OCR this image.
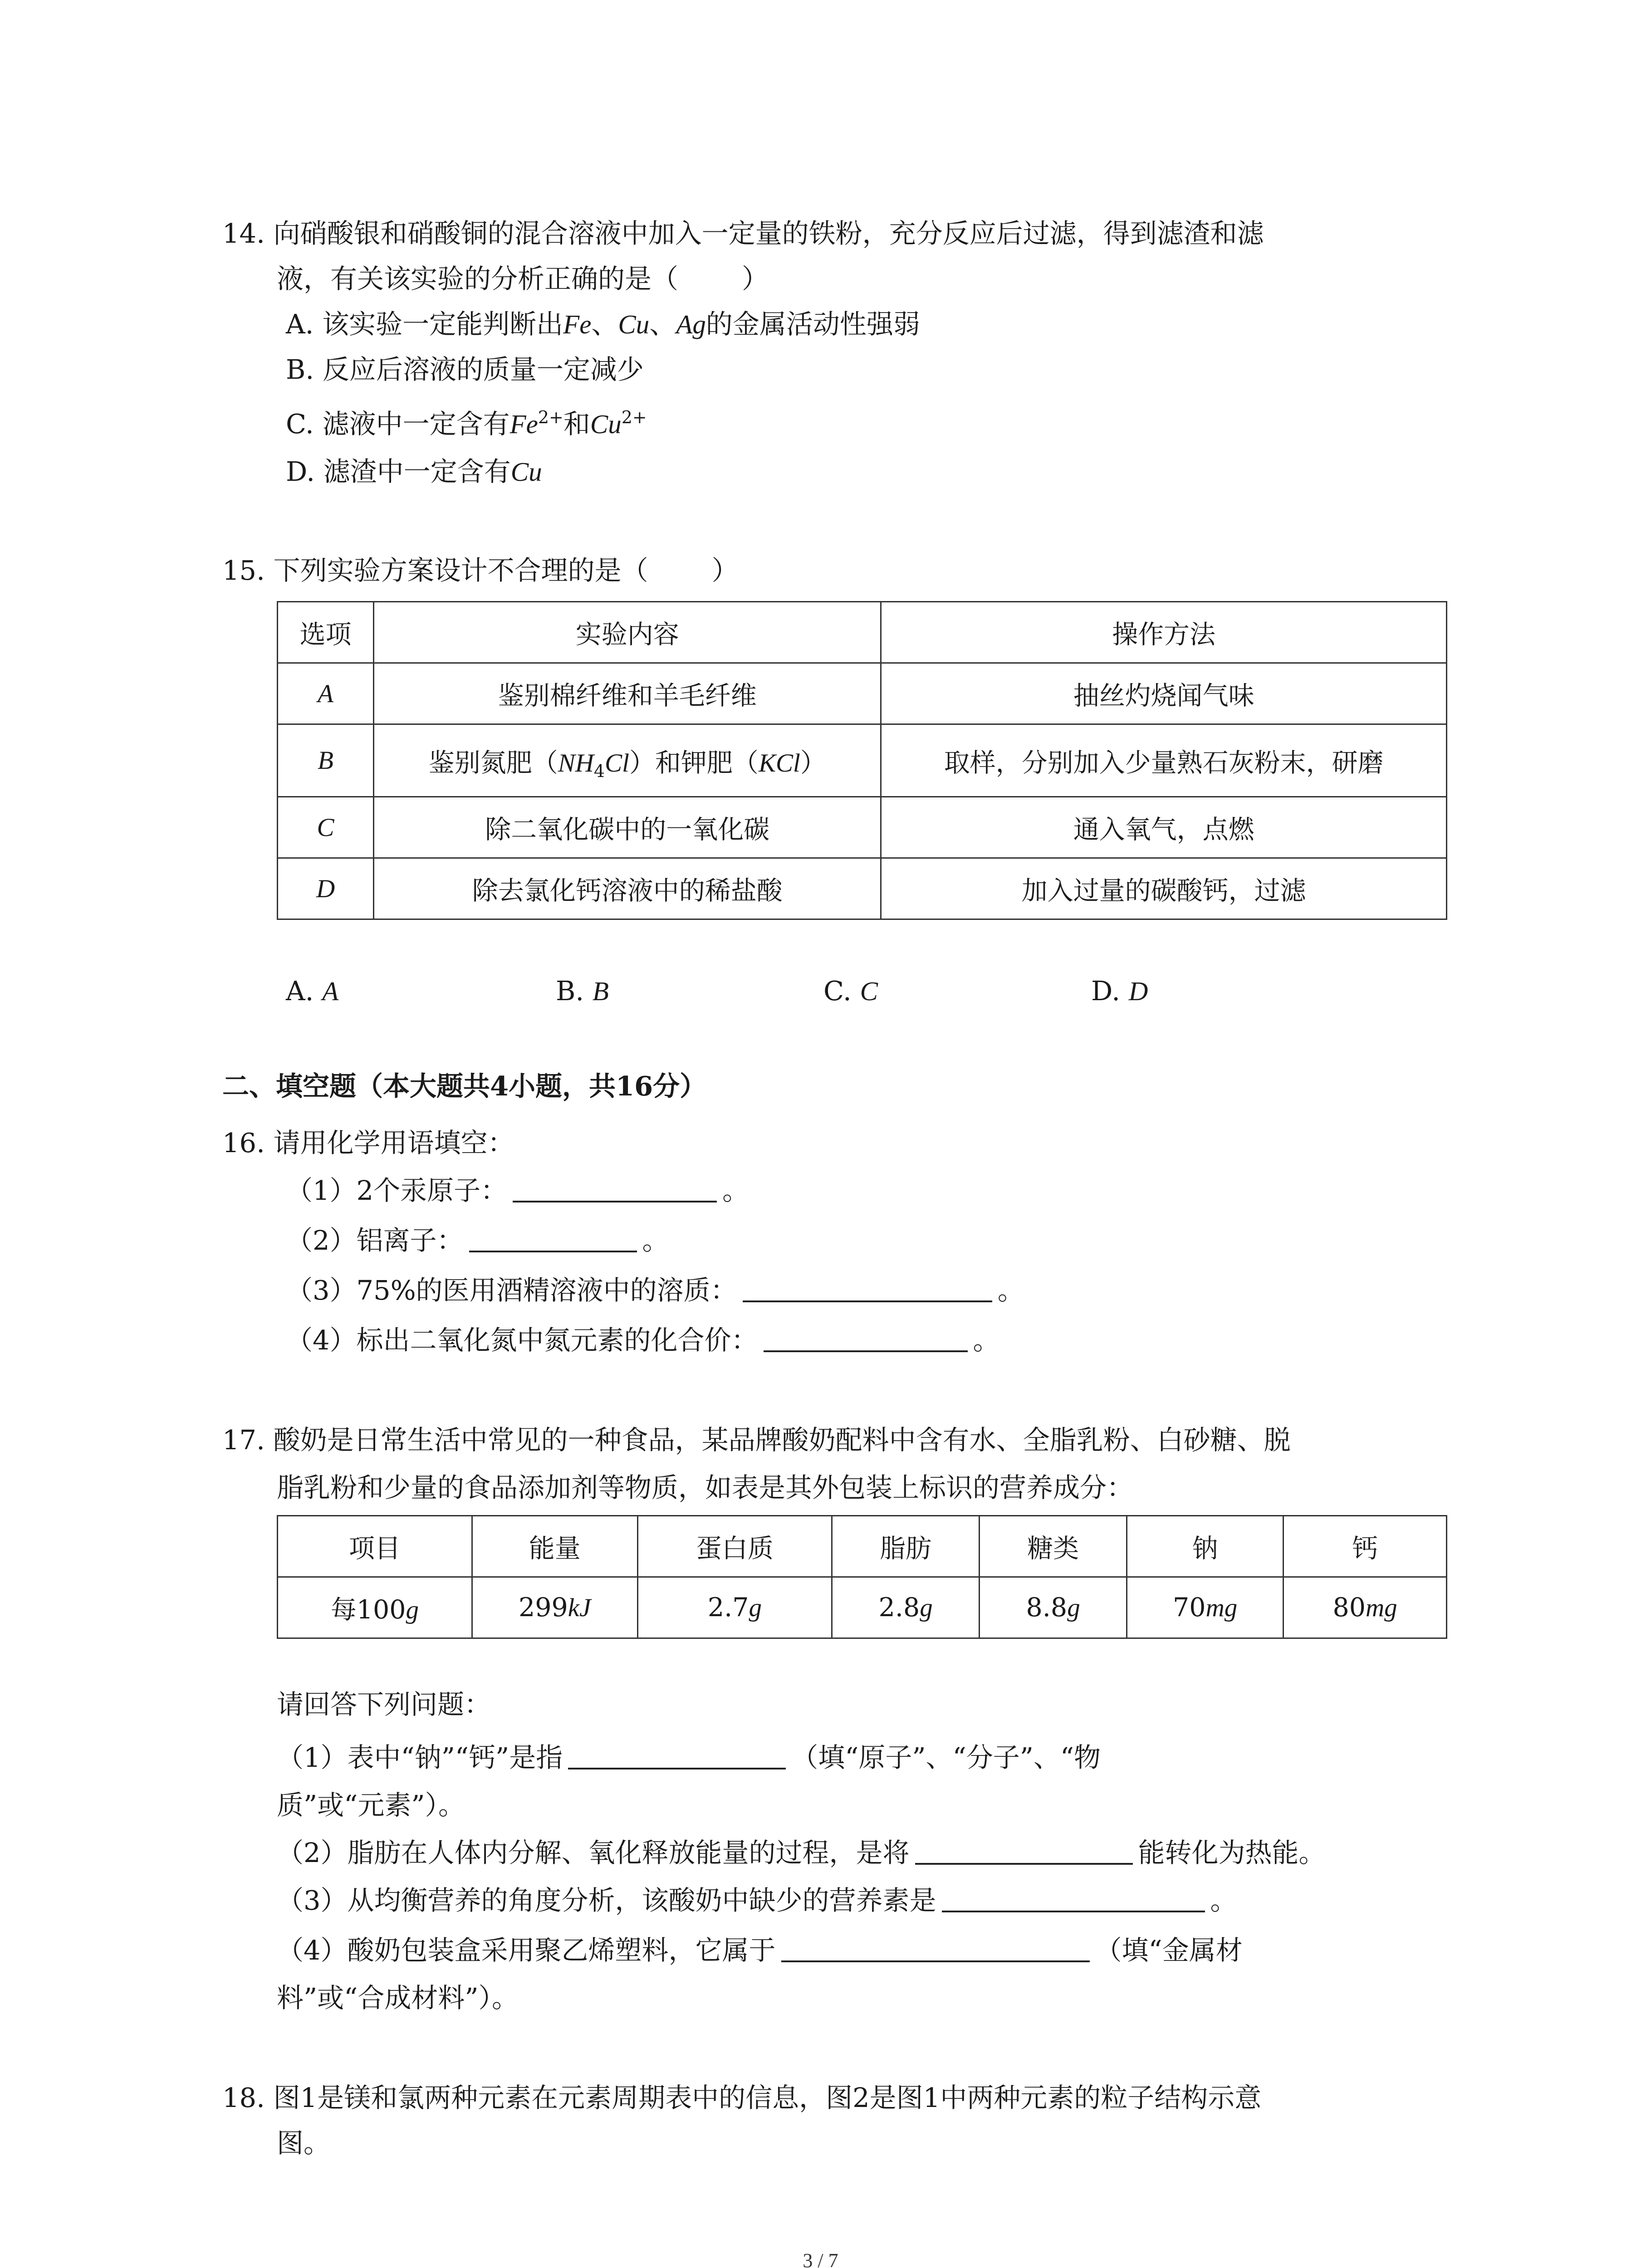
14. 向硝酸银和硝酸铜的混合溶液中加入一定量的铁粉，充分反应后过滤，得到滤渣和滤
液，有关该实验的分析正确的是（ ）
A. 该实验一定能判断出Fe、Cu、Ag的金属活动性强弱
B. 反应后溶液的质量一定减少
C. 滤液中一定含有$Fe^{2+}$和$Cu^{2+}$
D. 滤渣中一定含有Cu
15. 下列实验方案设计不合理的是（ ）
选项	实验内容	操作方法
A	鉴别棉纤维和羊毛纤维	抽丝灼烧闻气味
B	鉴别氮肥$(NH_4Cl)$和钾肥（KCl）	取样，分别加入少量熟石灰粉末，研磨
C	除二氧化碳中的一氧化碳	通入氧气，点燃
D	除去氯化钙溶液中的稀盐酸	加入过量的碳酸钙，过滤
A. A	B. B	C. C	D. D
二、填空题（本大题共4小题，共16分）
16. 请用化学用语填空：
（1）2个汞原子：	。
（2）铝离子：	。
（3）75%的医用酒精溶液中的溶质：	。
（4）标出二氧化氮中氮元素的化合价：	。
17. 酸奶是日常生活中常见的一种食品，某品牌酸奶配料中含有水、全脂乳粉、白砂糖、脱
脂乳粉和少量的食品添加剂等物质，如表是其外包装上标识的营养成分：
项目	能量	蛋白质	脂肪	糖类	钠	钙
每100g	299kJ	2.7g	2.8g	8.8g	70mg	80mg
请回答下列问题：
（1）表中“钠”“钙”是指	（填“原子”、“分子”、“物
质”或“元素”）。
（2）脂肪在人体内分解、氧化释放能量的过程，是将	能转化为热能。
（3）从均衡营养的角度分析，该酸奶中缺少的营养素是	。
（4）酸奶包装盒采用聚乙烯塑料，它属于	（填“金属材
料”或“合成材料”）。
18. 图1是镁和氯两种元素在元素周期表中的信息，图2是图1中两种元素的粒子结构示意
图。
3 / 7
